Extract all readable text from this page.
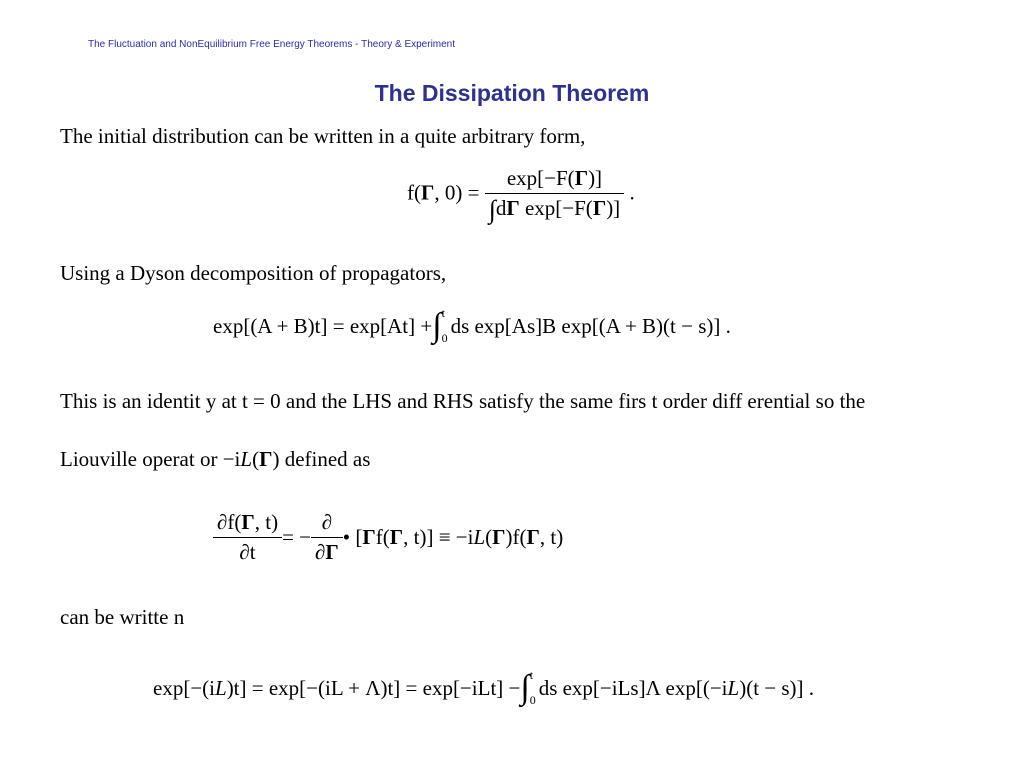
The Fluctuation and NonEquilibrium Free Energy Theorems - Theory & Experiment
The Dissipation Theorem
The initial distribution can be written in a quite arbitrary form,
f(Γ, $0) = \frac{\exp[-F(\Gamma)]}{\text{∫dΓ exp[−F(Γ)]}}$ .
Using a Dyson decomposition of propagators,
exp[(A + B)t] = exp[At] + ∫ t
0
ds exp[As]B exp[(A + B)(t − s)] .
This is an identit y at t = 0 and the LHS and RHS satisfy the same firs t order diff erential so the
Liouville operat or −iL(Γ) defined as
$\frac{\partial f(\Gamma, t)}{\partial t}$ = − $\frac{\partial}{\partial\Gamma}$ • [Γf(Γ, t)] ≡ −iL(Γ)f(Γ, t)
can be writte n
exp[−(i L )t] = exp[−(iL + Λ)t] = exp[−iLt] − ∫ t
0
ds exp[−iLs]Λ exp[(−i L )(t − s)] .
